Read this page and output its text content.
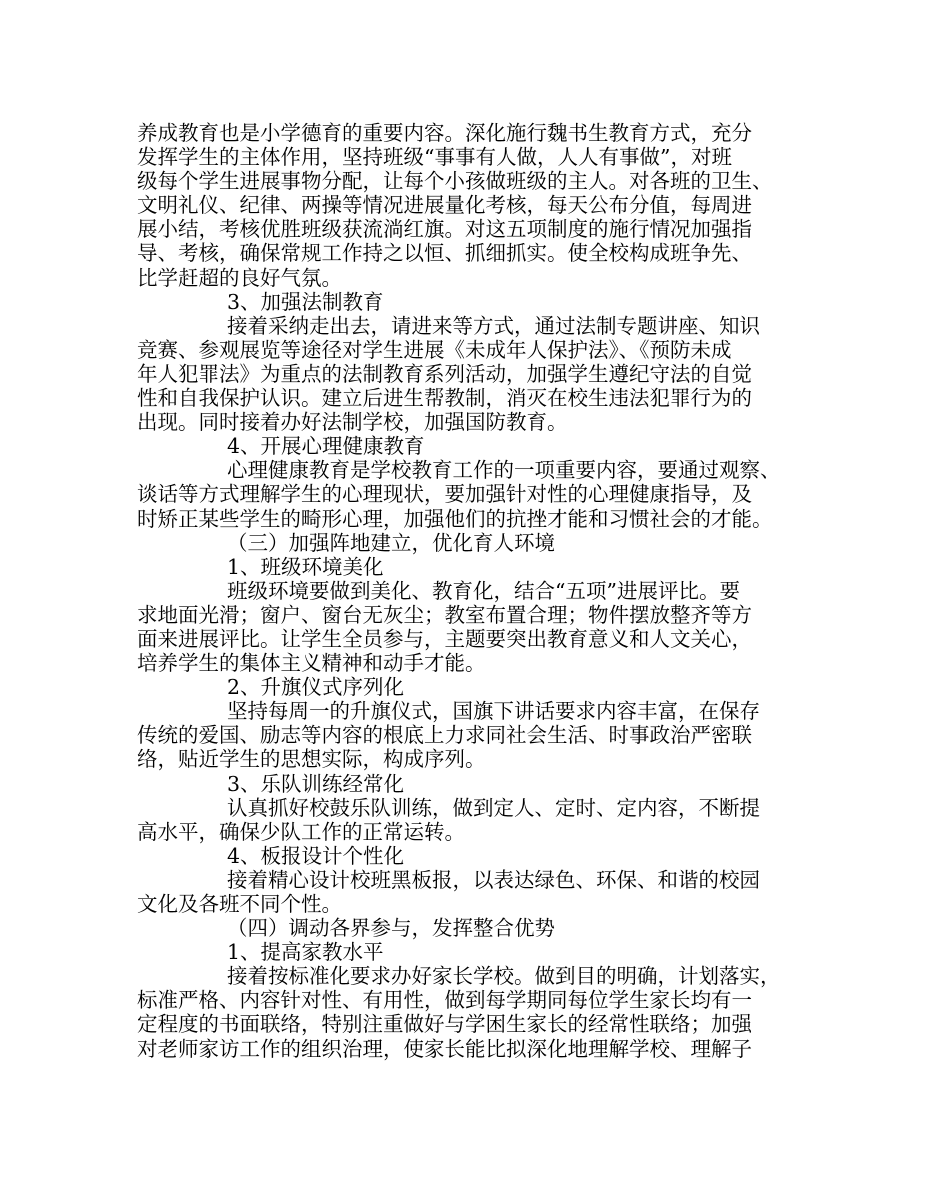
养成教育也是小学德育的重要内容。深化施行魏书生教育方式，充分
发挥学生的主体作用，坚持班级“事事有人做，人人有事做”，对班
级每个学生进展事物分配，让每个小孩做班级的主人。对各班的卫生、
文明礼仪、纪律、两操等情况进展量化考核，每天公布分值，每周进
展小结，考核优胜班级获流淌红旗。对这五项制度的施行情况加强指
导、考核，确保常规工作持之以恒、抓细抓实。使全校构成班争先、
比学赶超的良好气氛。
3、加强法制教育
接着采纳走出去，请进来等方式，通过法制专题讲座、知识
竞赛、参观展览等途径对学生进展《未成年人保护法》、《预防未成
年人犯罪法》为重点的法制教育系列活动，加强学生遵纪守法的自觉
性和自我保护认识。建立后进生帮教制，消灭在校生违法犯罪行为的
出现。同时接着办好法制学校，加强国防教育。
4、开展心理健康教育
心理健康教育是学校教育工作的一项重要内容，要通过观察、
谈话等方式理解学生的心理现状，要加强针对性的心理健康指导，及
时矫正某些学生的畸形心理，加强他们的抗挫才能和习惯社会的才能。
（三）加强阵地建立，优化育人环境
1、班级环境美化
班级环境要做到美化、教育化，结合“五项”进展评比。要
求地面光滑；窗户、窗台无灰尘；教室布置合理；物件摆放整齐等方
面来进展评比。让学生全员参与，主题要突出教育意义和人文关心，
培养学生的集体主义精神和动手才能。
2、升旗仪式序列化
坚持每周一的升旗仪式，国旗下讲话要求内容丰富，在保存
传统的爱国、励志等内容的根底上力求同社会生活、时事政治严密联
络，贴近学生的思想实际，构成序列。
3、乐队训练经常化
认真抓好校鼓乐队训练，做到定人、定时、定内容，不断提
高水平，确保少队工作的正常运转。
4、板报设计个性化
接着精心设计校班黑板报，以表达绿色、环保、和谐的校园
文化及各班不同个性。
（四）调动各界参与，发挥整合优势
1、提高家教水平
接着按标准化要求办好家长学校。做到目的明确，计划落实，
标准严格、内容针对性、有用性，做到每学期同每位学生家长均有一
定程度的书面联络，特别注重做好与学困生家长的经常性联络；加强
对老师家访工作的组织治理，使家长能比拟深化地理解学校、理解子
